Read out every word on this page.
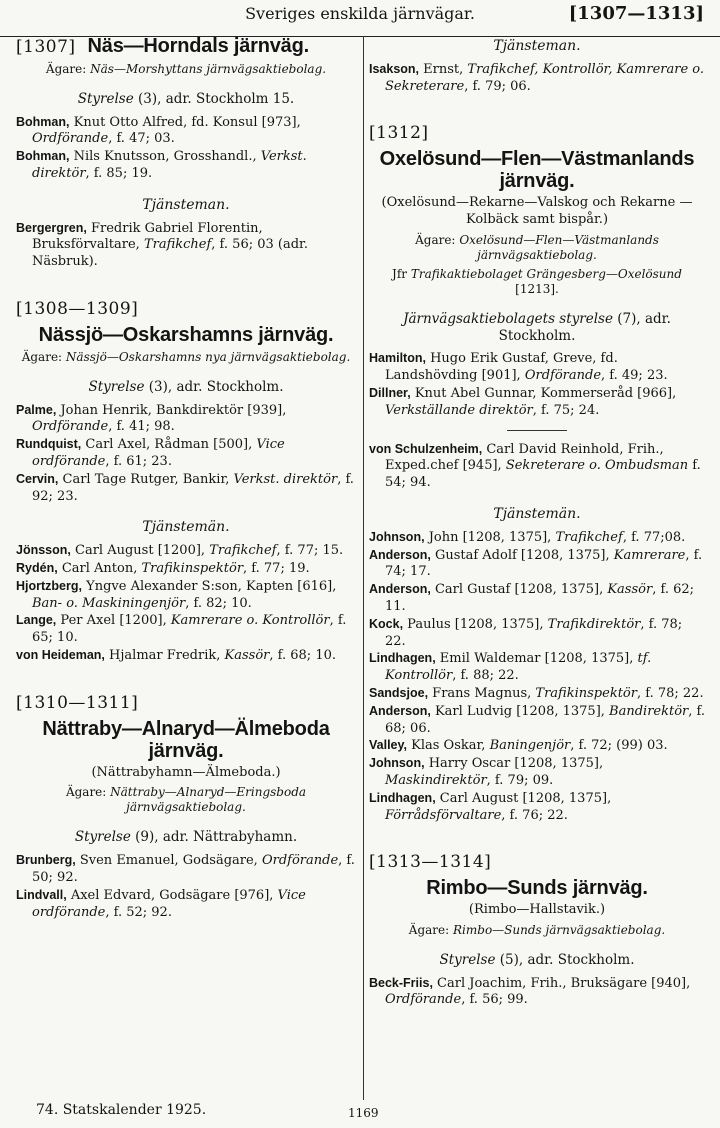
Sveriges enskilda järnvägar.	[1307—1313]
[1307] Näs—Horndals järnväg.

Ägare: Näs—Morshyttans järnvägsaktiebolag.

Styrelse (3), adr. Stockholm 15.

Bohman, Knut Otto Alfred, fd. Konsul [973], Ordförande, f. 47; 03.

Bohman, Nils Knutsson, Grosshandl., Verkst. direktör, f. 85; 19.

Tjänsteman.

Bergergren, Fredrik Gabriel Florentin, Bruksförvaltare, Trafikchef, f. 56; 03 (adr. Näsbruk).

[1308—1309]
Nässjö—Oskarshamns järnväg.

Ägare: Nässjö—Oskarshamns nya järnvägsaktiebolag.

Styrelse (3), adr. Stockholm.

Palme, Johan Henrik, Bankdirektör [939], Ordförande, f. 41; 98.

Rundquist, Carl Axel, Rådman [500], Vice ordförande, f. 61; 23.

Cervin, Carl Tage Rutger, Bankir, Verkst. direktör, f. 92; 23.

Tjänstemän.

Jönsson, Carl August [1200], Trafikchef, f. 77; 15.

Rydén, Carl Anton, Trafikinspektör, f. 77; 19.

Hjortzberg, Yngve Alexander S:son, Kapten [616], Ban- o. Maskiningenjör, f. 82; 10.

Lange, Per Axel [1200], Kamrerare o. Kontrollör, f. 65; 10.

von Heideman, Hjalmar Fredrik, Kassör, f. 68; 10.

[1310—1311]
Nättraby—Alnaryd—Älmeboda järnväg.

(Nättrabyhamn—Älmeboda.)

Ägare: Nättraby—Alnaryd—Eringsboda järnvägsaktiebolag.

Styrelse (9), adr. Nättrabyhamn.

Brunberg, Sven Emanuel, Godsägare, Ordförande, f. 50; 92.

Lindvall, Axel Edvard, Godsägare [976], Vice ordförande, f. 52; 92.

Tjänsteman.

Isakson, Ernst, Trafikchef, Kontrollör, Kamrerare o. Sekreterare, f. 79; 06.

[1312]
Oxelösund—Flen—Västmanlands järnväg.

(Oxelösund—Rekarne—Valskog och Rekarne —Kolbäck samt bispår.)

Ägare: Oxelösund—Flen—Västmanlands järnvägsaktiebolag.

Jfr Trafikaktiebolaget Grängesberg—Oxelösund [1213].

Järnvägsaktiebolagets styrelse (7), adr. Stockholm.

Hamilton, Hugo Erik Gustaf, Greve, fd. Landshövding [901], Ordförande, f. 49; 23.

Dillner, Knut Abel Gunnar, Kommerseråd [966], Verkställande direktör, f. 75; 24.

von Schulzenheim, Carl David Reinhold, Frih., Exped.chef [945], Sekreterare o. Ombudsman f. 54; 94.

Tjänstemän.

Johnson, John [1208, 1375], Trafikchef, f. 77;08.

Anderson, Gustaf Adolf [1208, 1375], Kamrerare, f. 74; 17.

Anderson, Carl Gustaf [1208, 1375], Kassör, f. 62; 11.

Kock, Paulus [1208, 1375], Trafikdirektör, f. 78; 22.

Lindhagen, Emil Waldemar [1208, 1375], tf. Kontrollör, f. 88; 22.

Sandsjoe, Frans Magnus, Trafikinspektör, f. 78; 22.

Anderson, Karl Ludvig [1208, 1375], Bandirektör, f. 68; 06.

Valley, Klas Oskar, Baningenjör, f. 72; (99) 03.

Johnson, Harry Oscar [1208, 1375], Maskindirektör, f. 79; 09.

Lindhagen, Carl August [1208, 1375], Förrådsförvaltare, f. 76; 22.

[1313—1314]
Rimbo—Sunds järnväg.

(Rimbo—Hallstavik.)

Ägare: Rimbo—Sunds järnvägsaktiebolag.

Styrelse (5), adr. Stockholm.

Beck-Friis, Carl Joachim, Frih., Bruksägare [940], Ordförande, f. 56; 99.

74. Statskalender 1925.	1169
